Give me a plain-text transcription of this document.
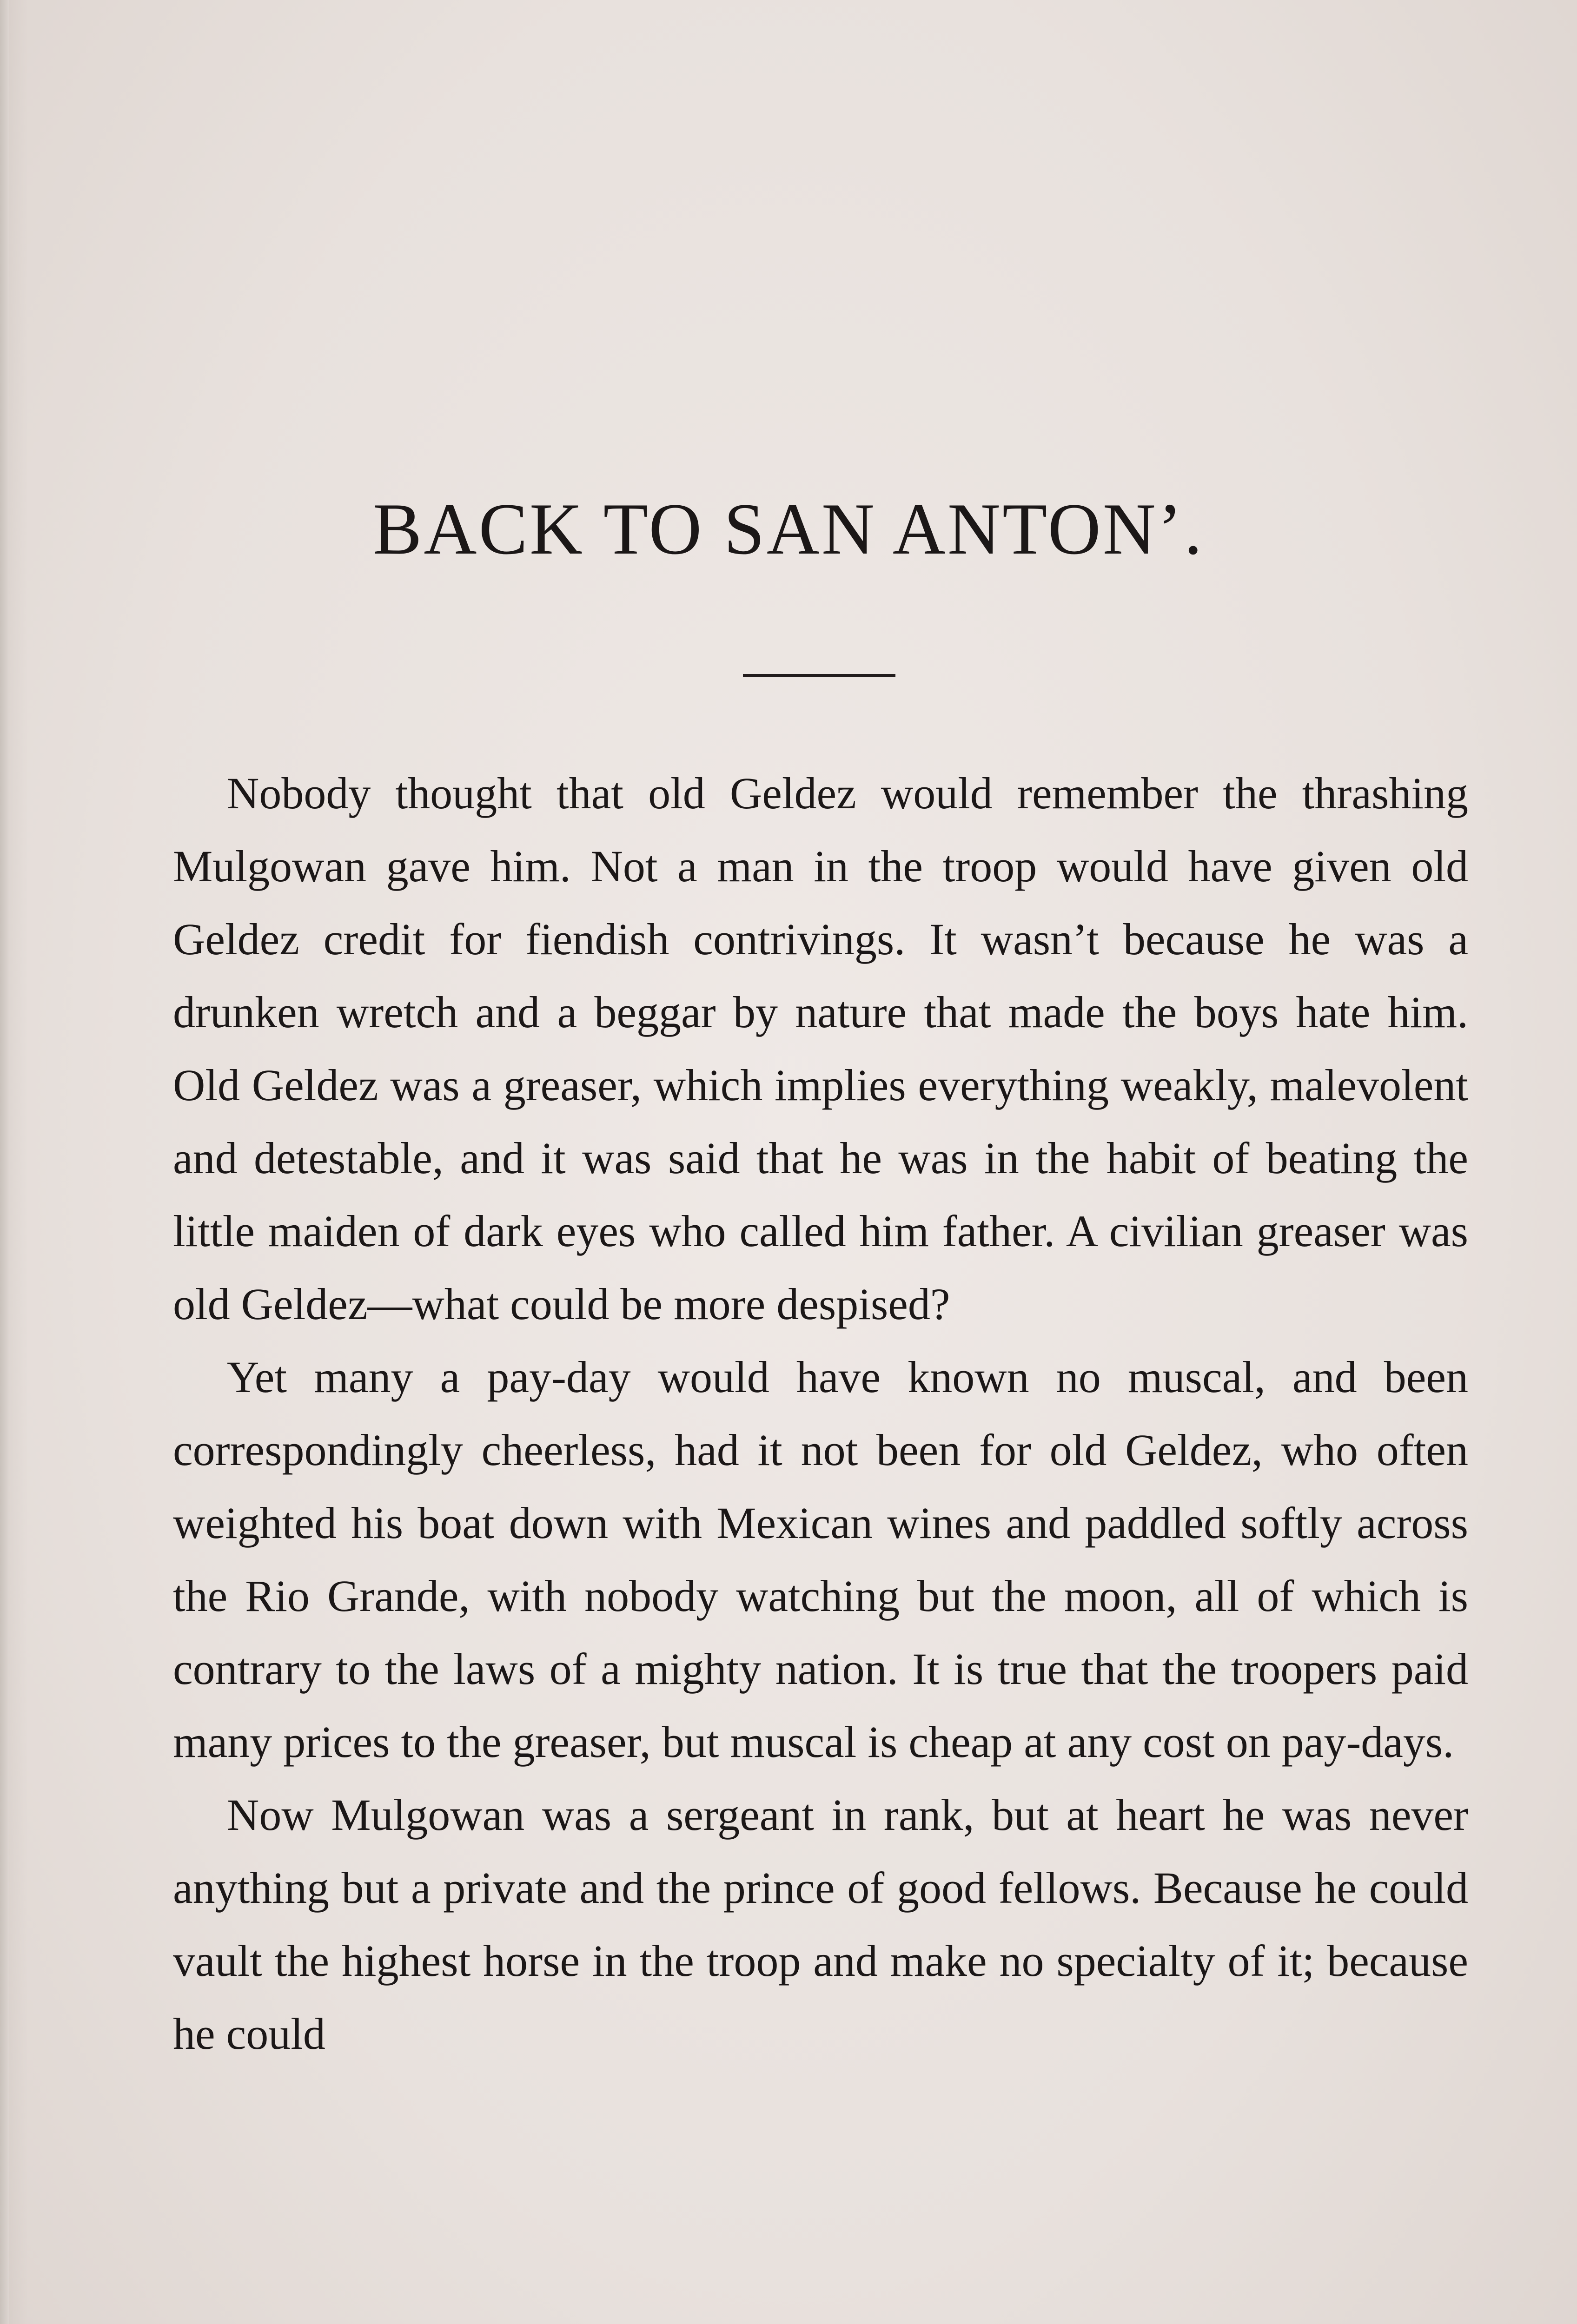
BACK TO SAN ANTON’.

Nobody thought that old Geldez would remember the thrashing Mulgowan gave him. Not a man in the troop would have given old Geldez credit for fiendish contrivings. It wasn’t because he was a drunken wretch and a beggar by nature that made the boys hate him. Old Geldez was a greaser, which implies everything weakly, malevolent and detestable, and it was said that he was in the habit of beating the little maiden of dark eyes who called him father. A civilian greaser was old Geldez—what could be more despised?

Yet many a pay-day would have known no muscal, and been correspondingly cheerless, had it not been for old Geldez, who often weighted his boat down with Mexican wines and paddled softly across the Rio Grande, with nobody watching but the moon, all of which is contrary to the laws of a mighty nation. It is true that the troopers paid many prices to the greaser, but muscal is cheap at any cost on pay-days.

Now Mulgowan was a sergeant in rank, but at heart he was never anything but a private and the prince of good fellows. Because he could vault the highest horse in the troop and make no specialty of it; because he could
